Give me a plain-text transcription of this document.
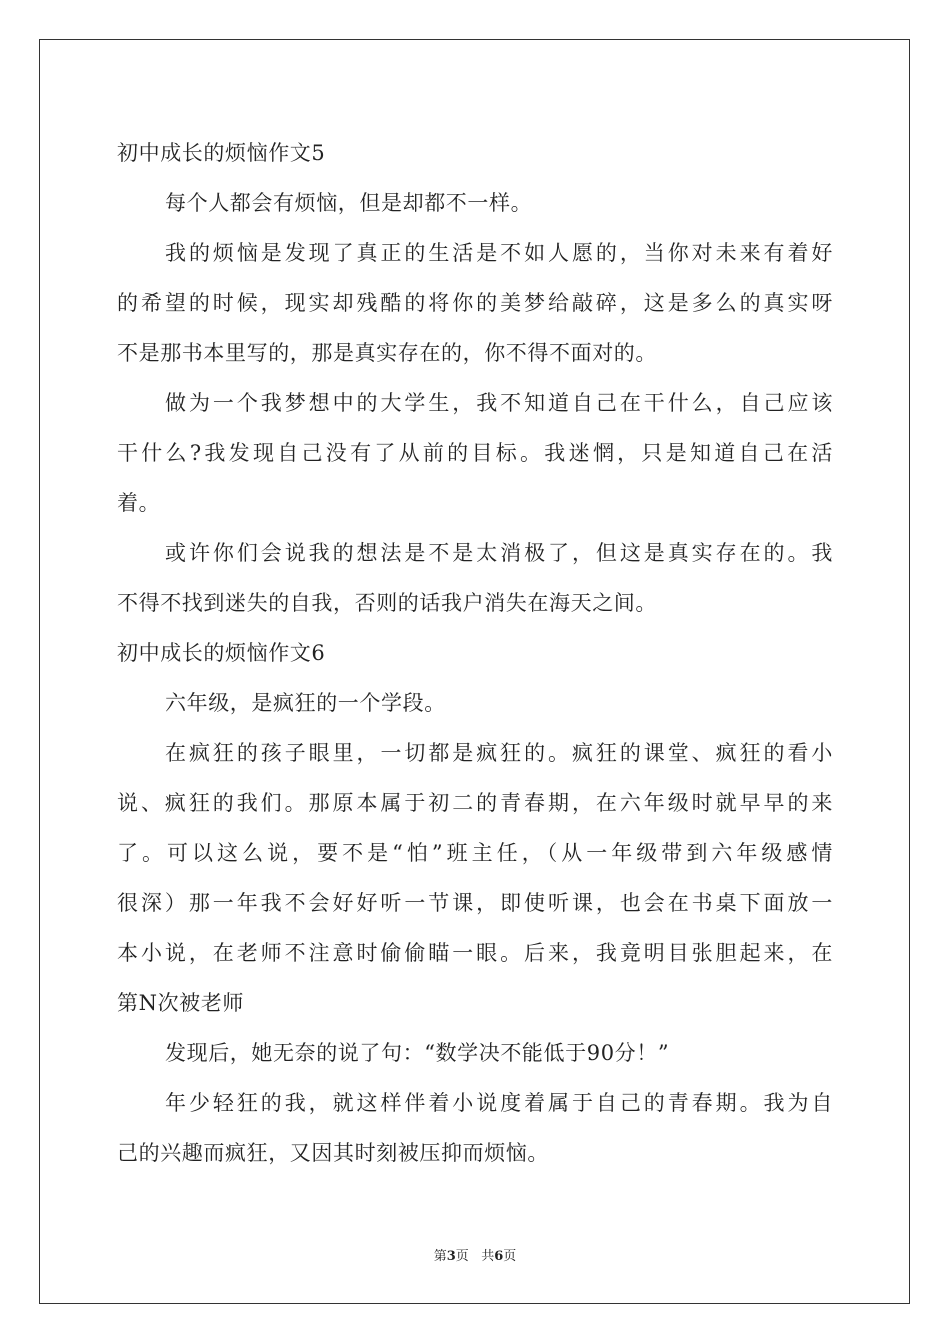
初中成长的烦恼作文5
每个人都会有烦恼，但是却都不一样。
我的烦恼是发现了真正的生活是不如人愿的，当你对未来有着好
的希望的时候，现实却残酷的将你的美梦给敲碎，这是多么的真实呀
不是那书本里写的，那是真实存在的，你不得不面对的。
做为一个我梦想中的大学生，我不知道自己在干什么，自己应该
干什么?我发现自己没有了从前的目标。我迷惘，只是知道自己在活
着。
或许你们会说我的想法是不是太消极了，但这是真实存在的。我
不得不找到迷失的自我，否则的话我户消失在海天之间。
初中成长的烦恼作文6
六年级，是疯狂的一个学段。
在疯狂的孩子眼里，一切都是疯狂的。疯狂的课堂、疯狂的看小
说、疯狂的我们。那原本属于初二的青春期，在六年级时就早早的来
了。可以这么说，要不是“怕”班主任，（从一年级带到六年级感情
很深）那一年我不会好好听一节课，即使听课，也会在书桌下面放一
本小说，在老师不注意时偷偷瞄一眼。后来，我竟明目张胆起来，在
第N次被老师
发现后，她无奈的说了句：“数学决不能低于90分！”
年少轻狂的我，就这样伴着小说度着属于自己的青春期。我为自
己的兴趣而疯狂，又因其时刻被压抑而烦恼。
第3页 共6页
